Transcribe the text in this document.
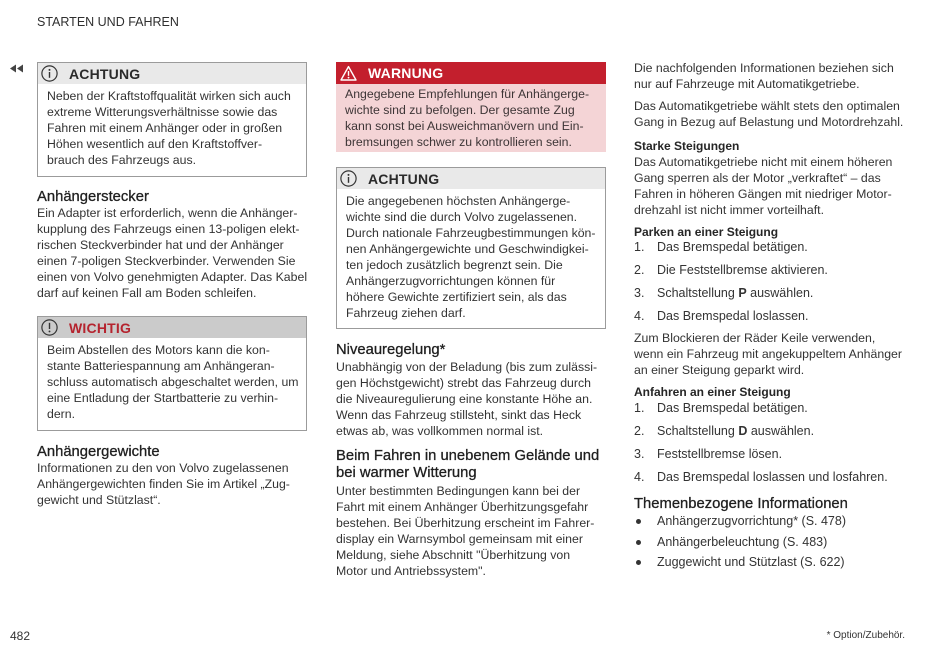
STARTEN UND FAHREN
ACHTUNG
Neben der Kraftstoffqualität wirken sich auch
extreme Witterungsverhältnisse sowie das
Fahren mit einem Anhänger oder in großen
Höhen wesentlich auf den Kraftstoffver-
brauch des Fahrzeugs aus.
Anhängerstecker
Ein Adapter ist erforderlich, wenn die Anhänger-
kupplung des Fahrzeugs einen 13-poligen elekt-
rischen Steckverbinder hat und der Anhänger
einen 7-poligen Steckverbinder. Verwenden Sie
einen von Volvo genehmigten Adapter. Das Kabel
darf auf keinen Fall am Boden schleifen.
WICHTIG
Beim Abstellen des Motors kann die kon-
stante Batteriespannung am Anhängeran-
schluss automatisch abgeschaltet werden, um
eine Entladung der Startbatterie zu verhin-
dern.
Anhängergewichte
Informationen zu den von Volvo zugelassenen
Anhängergewichten finden Sie im Artikel „Zug-
gewicht und Stützlast“.
WARNUNG
Angegebene Empfehlungen für Anhängerge-
wichte sind zu befolgen. Der gesamte Zug
kann sonst bei Ausweichmanövern und Ein-
bremsungen schwer zu kontrollieren sein.
ACHTUNG
Die angegebenen höchsten Anhängerge-
wichte sind die durch Volvo zugelassenen.
Durch nationale Fahrzeugbestimmungen kön-
nen Anhängergewichte und Geschwindigkei-
ten jedoch zusätzlich begrenzt sein. Die
Anhängerzugvorrichtungen können für
höhere Gewichte zertifiziert sein, als das
Fahrzeug ziehen darf.
Niveauregelung*
Unabhängig von der Beladung (bis zum zulässi-
gen Höchstgewicht) strebt das Fahrzeug durch
die Niveauregulierung eine konstante Höhe an.
Wenn das Fahrzeug stillsteht, sinkt das Heck
etwas ab, was vollkommen normal ist.
Beim Fahren in unebenem Gelände und
bei warmer Witterung
Unter bestimmten Bedingungen kann bei der
Fahrt mit einem Anhänger Überhitzungsgefahr
bestehen. Bei Überhitzung erscheint im Fahrer-
display ein Warnsymbol gemeinsam mit einer
Meldung, siehe Abschnitt "Überhitzung von
Motor und Antriebssystem".
Die nachfolgenden Informationen beziehen sich
nur auf Fahrzeuge mit Automatikgetriebe.
Das Automatikgetriebe wählt stets den optimalen
Gang in Bezug auf Belastung und Motordrehzahl.
Starke Steigungen
Das Automatikgetriebe nicht mit einem höheren
Gang sperren als der Motor „verkraftet“ – das
Fahren in höheren Gängen mit niedriger Motor-
drehzahl ist nicht immer vorteilhaft.
Parken an einer Steigung
1. Das Bremspedal betätigen.
2. Die Feststellbremse aktivieren.
3. Schaltstellung P auswählen.
4. Das Bremspedal loslassen.
Zum Blockieren der Räder Keile verwenden,
wenn ein Fahrzeug mit angekuppeltem Anhänger
an einer Steigung geparkt wird.
Anfahren an einer Steigung
1. Das Bremspedal betätigen.
2. Schaltstellung D auswählen.
3. Feststellbremse lösen.
4. Das Bremspedal loslassen und losfahren.
Themenbezogene Informationen
Anhängerzugvorrichtung* (S. 478)
Anhängerbeleuchtung (S. 483)
Zuggewicht und Stützlast (S. 622)
482	* Option/Zubehör.
